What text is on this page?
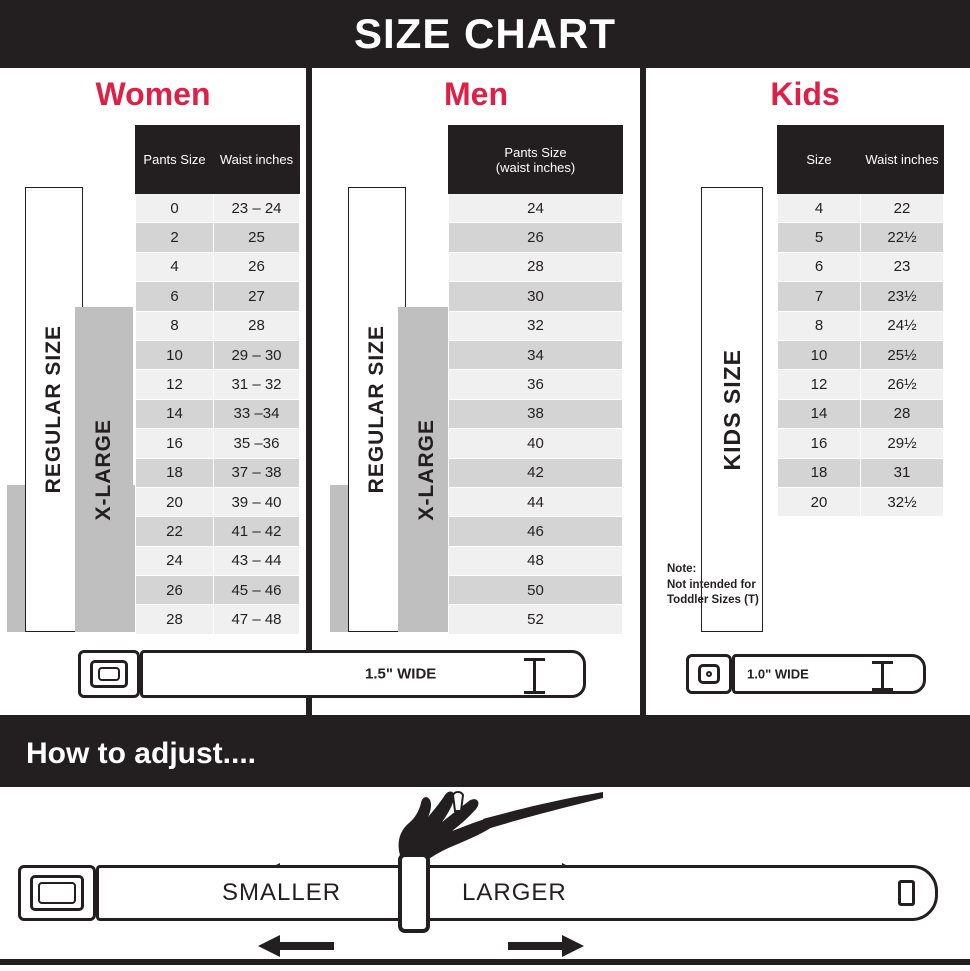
SIZE CHART
Women
REGULAR SIZE X-LARGE
Pants Size	Waist inches
0	23 – 24
2	25
4	26
6	27
8	28
10	29 – 30
12	31 – 32
14	33 –34
16	35 –36
18	37 – 38
20	39 – 40
22	41 – 42
24	43 – 44
26	45 – 46
28	47 – 48
1.5" WIDE
Men
REGULAR SIZE X-LARGE
Pants Size
(waist inches)
24
26
28
30
32
34
36
38
40
42
44
46
48
50
52
Kids
KIDS SIZE
Note:
Not intended for
Toddler Sizes (T)
Size	Waist inches
4	22
5	22½
6	23
7	23½
8	24½
10	25½
12	26½
14	28
16	29½
18	31
20	32½
1.0" WIDE
How to adjust....
SMALLER	LARGER
